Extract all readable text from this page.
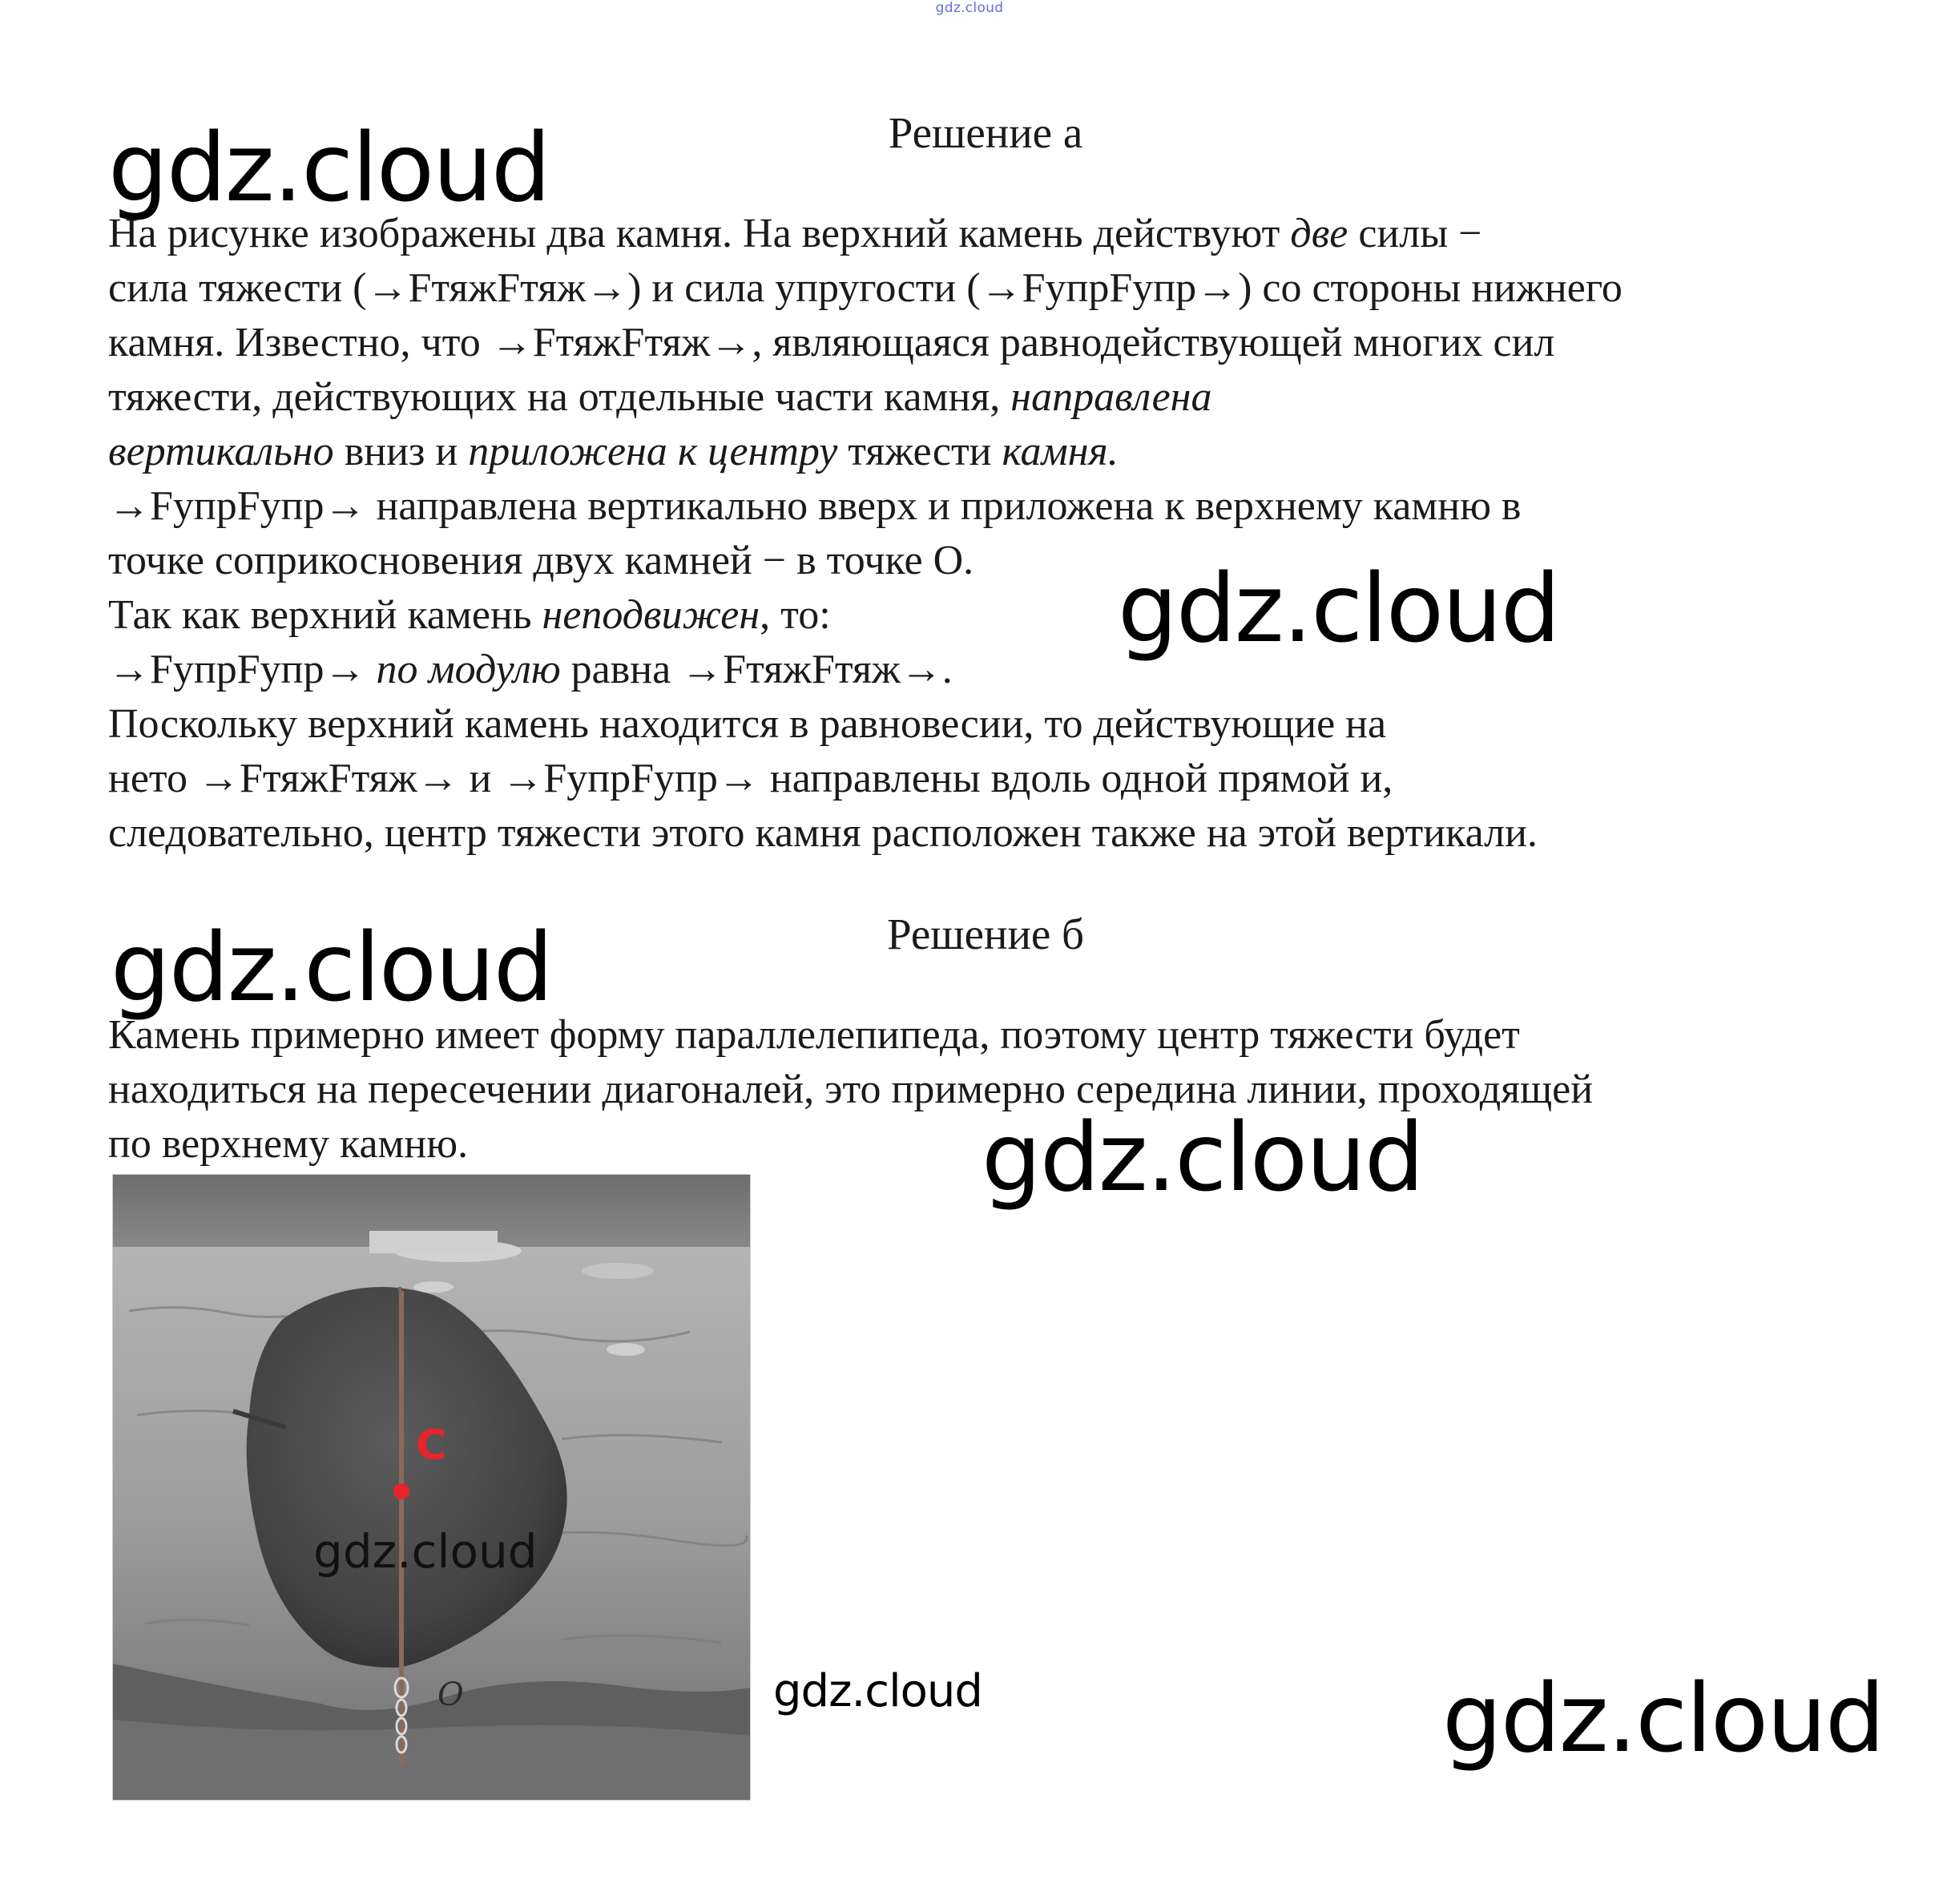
gdz.cloud
gdz.cloud
gdz.cloud
gdz.cloud
gdz.cloud
gdz.cloud
gdz.cloud
Решение а

На рисунке изображены два камня. На верхний камень действуют две силы −

сила тяжести (→FтяжFтяж→) и сила упругости (→FупрFупр→) со стороны нижнего

камня. Известно, что →FтяжFтяж→, являющаяся равнодействующей многих сил

тяжести, действующих на отдельные части камня, направлена

вертикально вниз и приложена к центру тяжести камня.

→FупрFупр→ направлена вертикально вверх и приложена к верхнему камню в

точке соприкосновения двух камней − в точке O.

Так как верхний камень неподвижен, то:

→FупрFупр→ по модулю равна →FтяжFтяж→.

Поскольку верхний камень находится в равновесии, то действующие на

нето →FтяжFтяж→ и →FупрFупр→ направлены вдоль одной прямой и,

следовательно, центр тяжести этого камня расположен также на этой вертикали.

Решение б

Камень примерно имеет форму параллелепипеда, поэтому центр тяжести будет

находиться на пересечении диагоналей, это примерно середина линии, проходящей

по верхнему камню.

C
O
gdz.cloud
